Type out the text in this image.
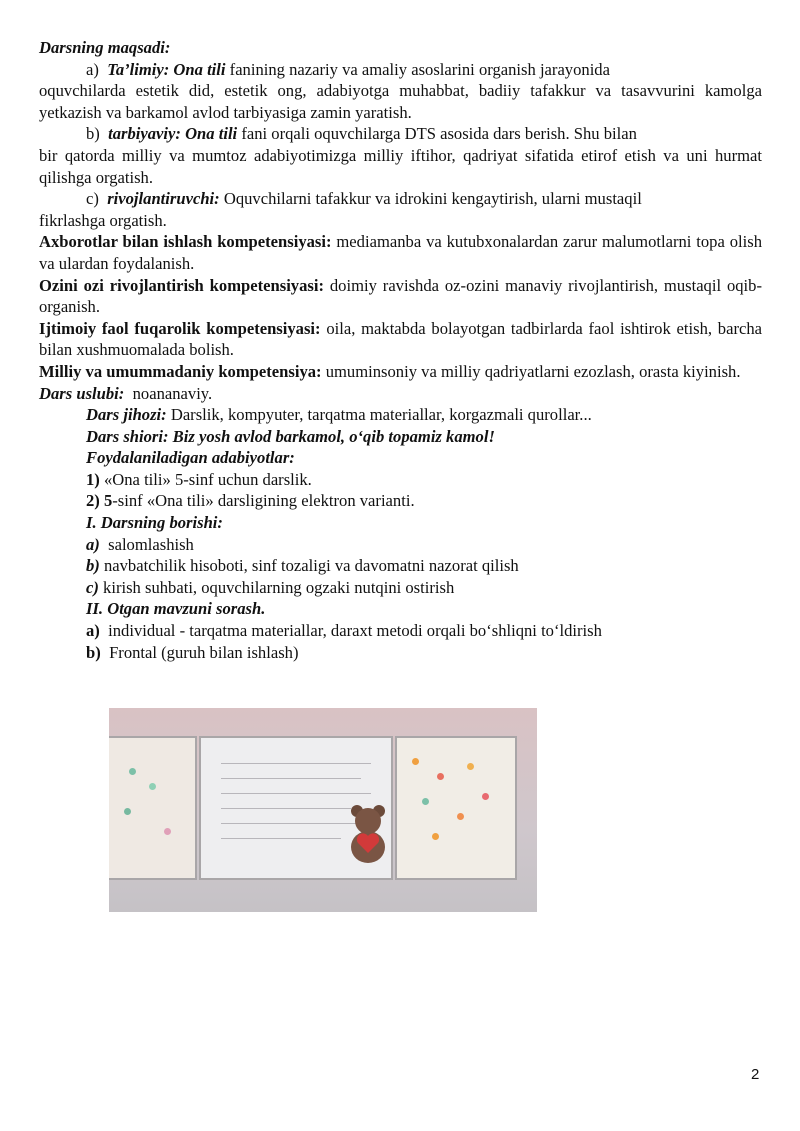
Darsning maqsadi:

a) Ta’limiy: Ona tili fanining nazariy va amaliy asoslarini organish jarayonida
oquvchilarda estetik did, estetik ong, adabiyotga muhabbat, badiiy tafakkur va tasavvurini kamolga yetkazish va barkamol avlod tarbiyasiga zamin yaratish.

b) tarbiyaviy: Ona tili fani orqali oquvchilarga DTS asosida dars berish. Shu bilan
bir qatorda milliy va mumtoz adabiyotimizga milliy iftihor, qadriyat sifatida etirof etish va uni hurmat qilishga orgatish.

c) rivojlantiruvchi: Oquvchilarni tafakkur va idrokini kengaytirish, ularni mustaqil
fikrlashga orgatish.

Axborotlar bilan ishlash kompetensiyasi: mediamanba va kutubxonalardan zarur malumotlarni topa olish va ulardan foydalanish.

Ozini ozi rivojlantirish kompetensiyasi: doimiy ravishda oz-ozini manaviy rivojlantirish, mustaqil oqib-organish.

Ijtimoiy faol fuqarolik kompetensiyasi: oila, maktabda bolayotgan tadbirlarda faol ishtirok etish, barcha bilan xushmuomalada bolish.

Milliy va umummadaniy kompetensiya: umuminsoniy va milliy qadriyatlarni ezozlash, orasta kiyinish.

Dars uslubi:  noananaviy.

Dars jihozi: Darslik, kompyuter, tarqatma materiallar, korgazmali qurollar...

Dars shiori: Biz yosh avlod barkamol, o‘qib topamiz kamol!

Foydalaniladigan adabiyotlar:

1) «Ona tili» 5-sinf uchun darslik.

2) 5-sinf «Ona tili» darsligining elektron varianti.

I. Darsning borishi:

a)  salomlashish

b) navbatchilik hisoboti, sinf tozaligi va davomatni nazorat qilish

c) kirish suhbati, oquvchilarning ogzaki nutqini ostirish

II. Otgan mavzuni sorash.

a)  individual - tarqatma materiallar, daraxt metodi orqali bo‘shliqni to‘ldirish

b)  Frontal (guruh bilan ishlash)

2
